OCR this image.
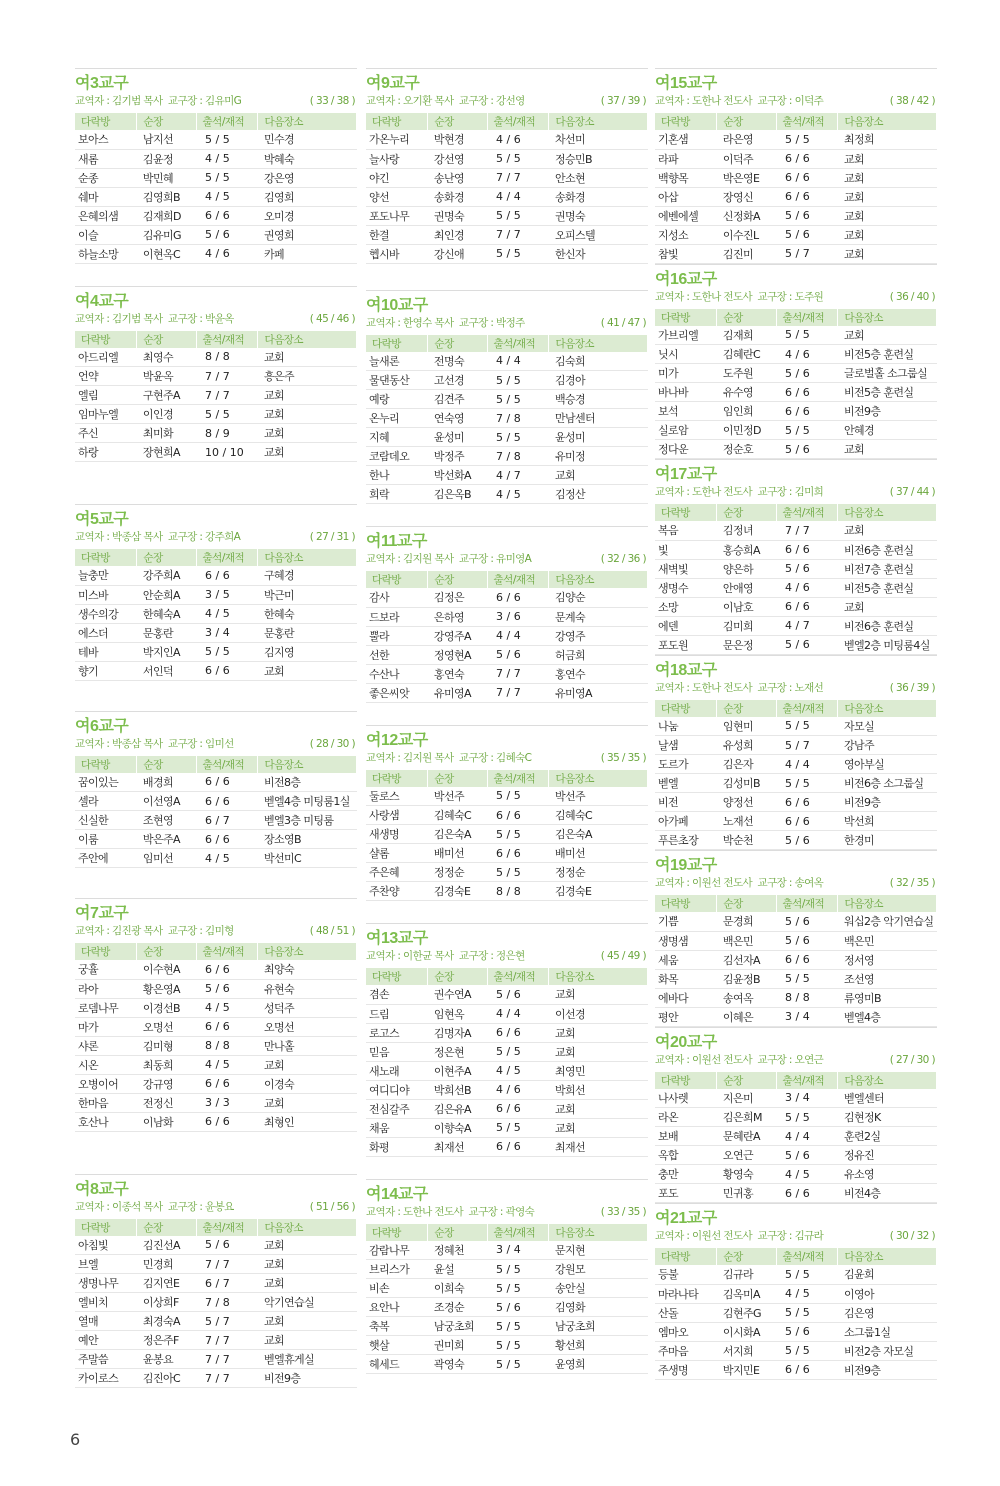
여3교구
교역자 : 김기범 목사 교구장 : 김유미G	( 33 / 38 )
다락방	순장	출석/재적	다음장소
보아스	남지선	5 / 5	민수경
새롬	김윤정	4 / 5	박혜숙
순종	박민혜	5 / 5	강은영
쉐마	김영희B	4 / 5	김영희
은혜의샘	김재희D	6 / 6	오미경
이슬	김유미G	5 / 6	권영희
하늘소망	이현옥C	4 / 6	카페
여4교구
교역자 : 김기범 목사 교구장 : 박윤옥	( 45 / 46 )
다락방	순장	출석/재적	다음장소
아드리엘	최영수	8 / 8	교회
언약	박윤옥	7 / 7	흥은주
엘림	구현주A	7 / 7	교회
임마누엘	이인경	5 / 5	교회
주신	최미화	8 / 9	교회
하랑	장현희A	10 / 10	교회
여5교구
교역자 : 박종삼 목사 교구장 : 강주희A	( 27 / 31 )
다락방	순장	출석/재적	다음장소
늘충만	강주희A	6 / 6	구혜경
미스바	안순희A	3 / 5	박근미
생수의강	한혜숙A	4 / 5	한혜숙
에스더	문홍란	3 / 4	문홍란
테바	박지인A	5 / 5	김지영
향기	서인덕	6 / 6	교회
여6교구
교역자 : 박종삼 목사 교구장 : 임미선	( 28 / 30 )
다락방	순장	출석/재적	다음장소
꿈이있는	배경희	6 / 6	비전8층
셀라	이선영A	6 / 6	벧엘4층 미팅룸1실
신실한	조현영	6 / 7	벧엘3층 미팅룸
이룸	박은주A	6 / 6	장소영B
주안에	임미선	4 / 5	박선미C
여7교구
교역자 : 김진광 목사 교구장 : 김미형	( 48 / 51 )
다락방	순장	출석/재적	다음장소
궁휼	이수현A	6 / 6	최양숙
라아	황은영A	5 / 6	유현숙
로뎀나무	이경선B	4 / 5	성덕주
마가	오명선	6 / 6	오명선
샤론	김미형	8 / 8	만나홀
시온	최동희	4 / 5	교회
오병이어	강규영	6 / 6	이경숙
한마음	전정신	3 / 3	교회
호산나	이남화	6 / 6	최형인
여8교구
교역자 : 이종석 목사 교구장 : 윤봉요	( 51 / 56 )
다락방	순장	출석/재적	다음장소
아침빛	김진선A	5 / 6	교회
브엘	민경희	7 / 7	교회
생명나무	김지연E	6 / 7	교회
엘비치	이상희F	7 / 8	악기연습실
열매	최경숙A	5 / 7	교회
예안	정은주F	7 / 7	교회
주말씀	윤봉요	7 / 7	벧엘휴게실
카이로스	김진아C	7 / 7	비전9층
여9교구
교역자 : 오기환 목사 교구장 : 강선영	( 37 / 39 )
다락방	순장	출석/재적	다음장소
가온누리	박현경	4 / 6	차선미
늘사랑	강선영	5 / 5	정승민B
야긴	송난영	7 / 7	안소현
양선	송화경	4 / 4	송화경
포도나무	권명숙	5 / 5	권명숙
한결	최인경	7 / 7	오피스텔
헵시바	강신애	5 / 5	한신자
여10교구
교역자 : 한영수 목사 교구장 : 박정주	( 41 / 47 )
다락방	순장	출석/재적	다음장소
늘새론	전명숙	4 / 4	김숙희
물댄동산	고선경	5 / 5	김경아
예랑	김견주	5 / 5	백승경
온누리	연숙영	7 / 8	만남센터
지혜	윤성미	5 / 5	윤성미
코람데오	박정주	7 / 8	유미정
한나	박선화A	4 / 7	교회
희락	김은옥B	4 / 5	김정산
여11교구
교역자 : 김지원 목사 교구장 : 유미영A	( 32 / 36 )
다락방	순장	출석/재적	다음장소
감사	김정은	6 / 6	김양순
드보라	은하영	3 / 6	문계숙
뿔라	강영주A	4 / 4	강영주
선한	정영현A	5 / 6	허금희
수산나	홍연숙	7 / 7	홍연수
좋은씨앗	유미영A	7 / 7	유미영A
여12교구
교역자 : 김지원 목사 교구장 : 김혜숙C	( 35 / 35 )
다락방	순장	출석/재적	다음장소
둘로스	박선주	5 / 5	박선주
사랑샘	김혜숙C	6 / 6	김혜숙C
새생명	김은숙A	5 / 5	김은숙A
샬롬	배미선	6 / 6	배미선
주은혜	정정순	5 / 5	정정순
주찬양	김경숙E	8 / 8	김경숙E
여13교구
교역자 : 이한균 목사 교구장 : 정은현	( 45 / 49 )
다락방	순장	출석/재적	다음장소
겸손	권수연A	5 / 6	교회
드림	임현옥	4 / 4	이선경
로고스	김명자A	6 / 6	교회
믿음	정은현	5 / 5	교회
새노래	이현주A	4 / 5	최영민
여디디야	박희선B	4 / 6	박희선
전심갈주	김은유A	6 / 6	교회
채움	이향숙A	5 / 5	교회
화평	최재선	6 / 6	최재선
여14교구
교역자 : 도한나 전도사 교구장 : 곽영숙	( 33 / 35 )
다락방	순장	출석/재적	다음장소
감람나무	정혜천	3 / 4	문지현
브리스가	윤설	5 / 5	강원모
비손	이희숙	5 / 5	송안실
요안나	조경순	5 / 6	김영화
축복	남궁초희	5 / 5	남궁초희
햇살	권미희	5 / 5	황선희
헤세드	곽영숙	5 / 5	윤영희
여15교구
교역자 : 도한나 전도사 교구장 : 이덕주	( 38 / 42 )
다락방	순장	출석/재적	다음장소
기혼샘	라은영	5 / 5	최정희
라파	이덕주	6 / 6	교회
백향목	박은영E	6 / 6	교회
아삽	장영신	6 / 6	교회
에벤에셀	신정화A	5 / 6	교회
지성소	이수진L	5 / 6	교회
참빛	김진미	5 / 7	교회
여16교구
교역자 : 도한나 전도사 교구장 : 도주원	( 36 / 40 )
다락방	순장	출석/재적	다음장소
가브리엘	김재희	5 / 5	교회
닛시	김혜란C	4 / 6	비전5층 훈련실
미가	도주원	5 / 6	글로벌홀 소그룹실
바나바	유수영	6 / 6	비전5층 훈련실
보석	임인희	6 / 6	비전9층
실로암	이민정D	5 / 5	안혜경
정다운	정순호	5 / 6	교회
여17교구
교역자 : 도한나 전도사 교구장 : 김미희	( 37 / 44 )
다락방	순장	출석/재적	다음장소
복음	김정녀	7 / 7	교회
빛	홍승희A	6 / 6	비전6층 훈련실
새벽빛	양은하	5 / 6	비전7층 훈련실
생명수	안애영	4 / 6	비전5층 훈련실
소망	이남호	6 / 6	교회
에덴	김미희	4 / 7	비전6층 훈련실
포도원	문은정	5 / 6	벧엘2층 미팅룸4실
여18교구
교역자 : 도한나 전도사 교구장 : 노재선	( 36 / 39 )
다락방	순장	출석/재적	다음장소
나눔	임현미	5 / 5	자모실
날샘	유성희	5 / 7	강남주
도르가	김은자	4 / 4	영아부실
벧엘	김성미B	5 / 5	비전6층 소그룹실
비전	양정선	6 / 6	비전9층
아가페	노재선	6 / 6	박선희
푸른초장	박순천	5 / 6	한경미
여19교구
교역자 : 이원선 전도사 교구장 : 송여옥	( 32 / 35 )
다락방	순장	출석/재적	다음장소
기쁨	문경희	5 / 6	워십2층 악기연습실
생명샘	백은민	5 / 6	백은민
세움	김선자A	6 / 6	정서영
화목	김윤정B	5 / 5	조선영
에바다	송여옥	8 / 8	류영미B
평안	이혜은	3 / 4	벧엘4층
여20교구
교역자 : 이원선 전도사 교구장 : 오연근	( 27 / 30 )
다락방	순장	출석/재적	다음장소
나사렛	지은미	3 / 4	벧엘센터
라온	김은희M	5 / 5	김현정K
보배	문혜란A	4 / 4	훈련2실
옥합	오연근	5 / 6	정유진
충만	황영숙	4 / 5	유소영
포도	민귀홍	6 / 6	비전4층
여21교구
교역자 : 이원선 전도사 교구장 : 김규라	( 30 / 32 )
다락방	순장	출석/재적	다음장소
등불	김규라	5 / 5	김윤희
마라나타	김옥미A	4 / 5	이영아
산돌	김현주G	5 / 5	김은영
엠마오	이시화A	5 / 6	소그룹1실
주마음	서지희	5 / 5	비전2층 자모실
주생명	박지민E	6 / 6	비전9층
6
